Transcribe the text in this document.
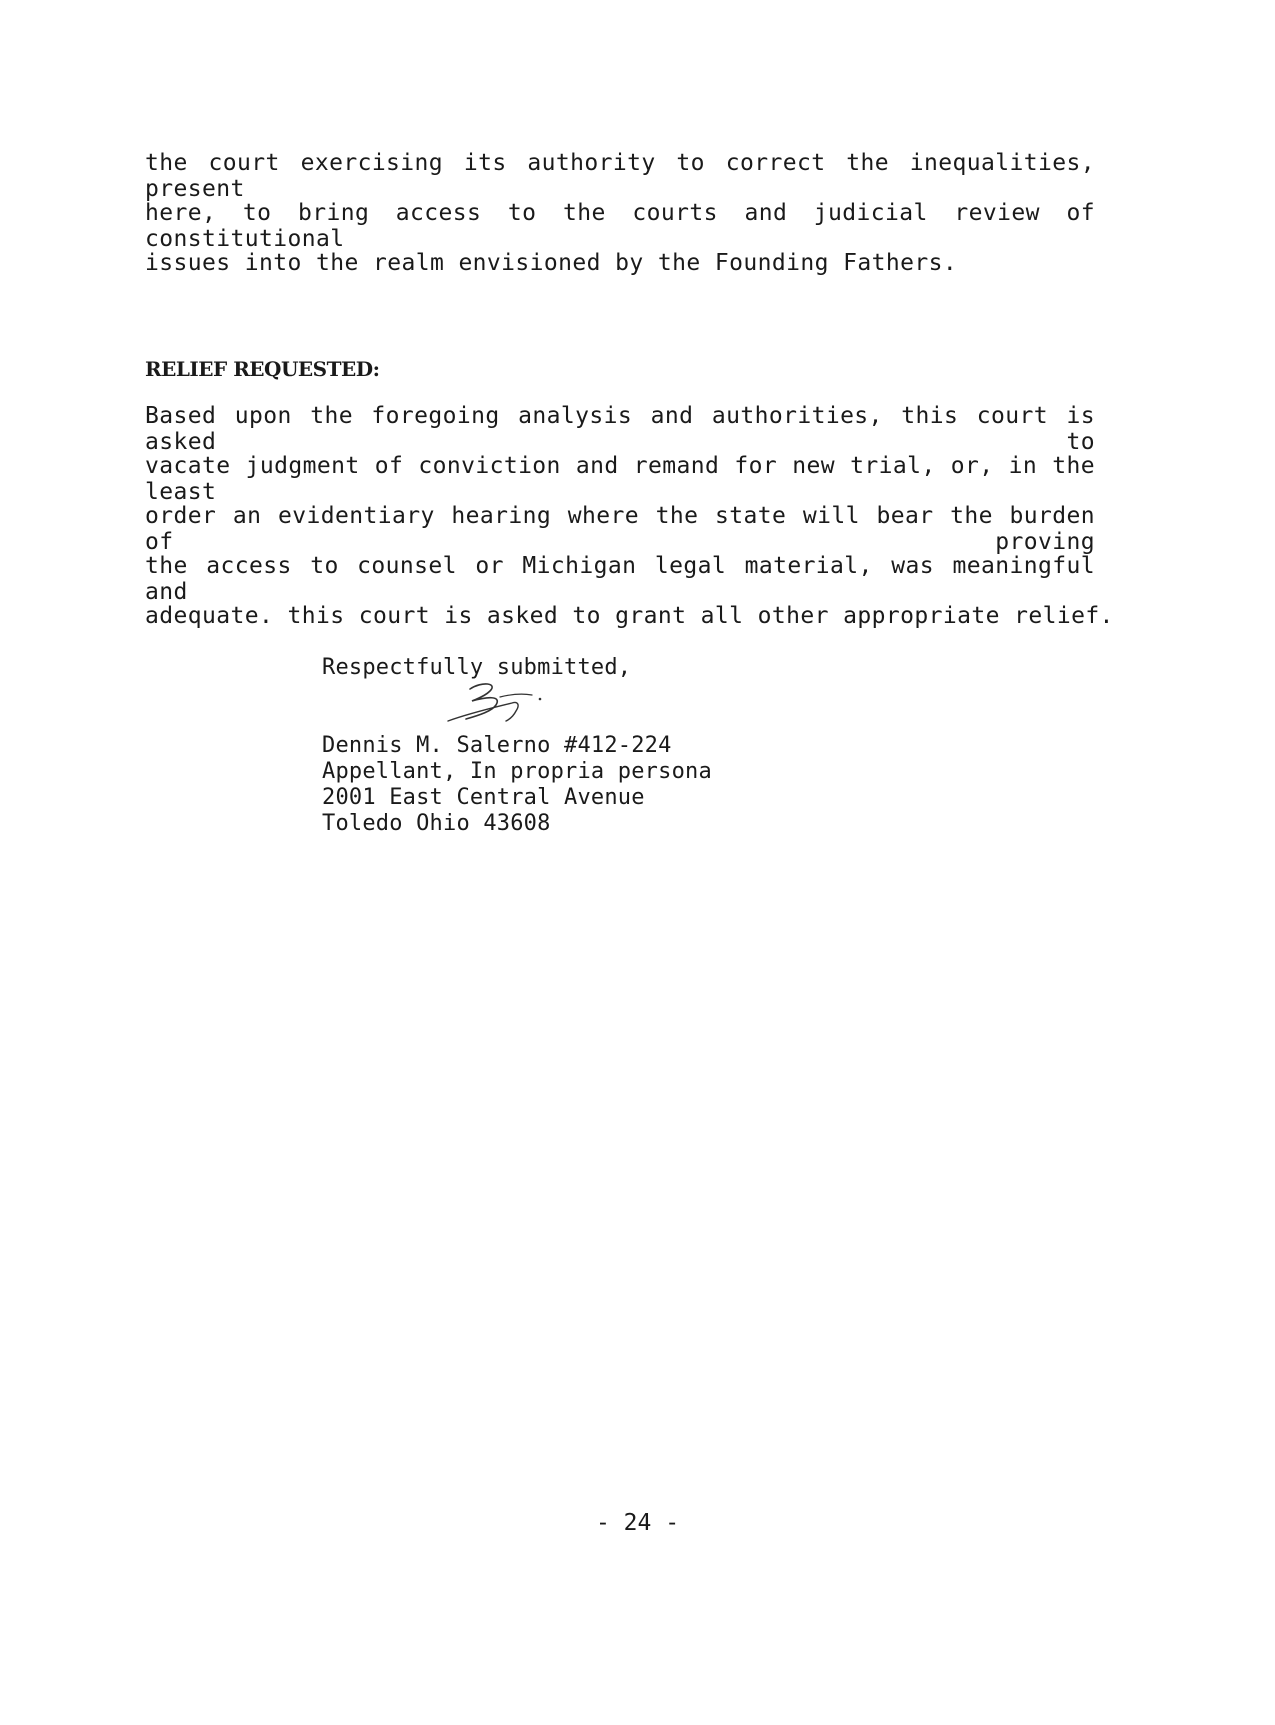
the court exercising its authority to correct the inequalities, present
here, to bring access to the courts and judicial review of constitutional
issues into the realm envisioned by the Founding Fathers.
RELIEF REQUESTED:
Based upon the foregoing analysis and authorities, this court is asked to
vacate judgment of conviction and remand for new trial, or, in the least
order an evidentiary hearing where the state will bear the burden of proving
the access to counsel or Michigan legal material, was meaningful and
adequate. this court is asked to grant all other appropriate relief.
Respectfully submitted,
Dennis M. Salerno #412-224
Appellant, In propria persona
2001 East Central Avenue
Toledo Ohio 43608
- 24 -
